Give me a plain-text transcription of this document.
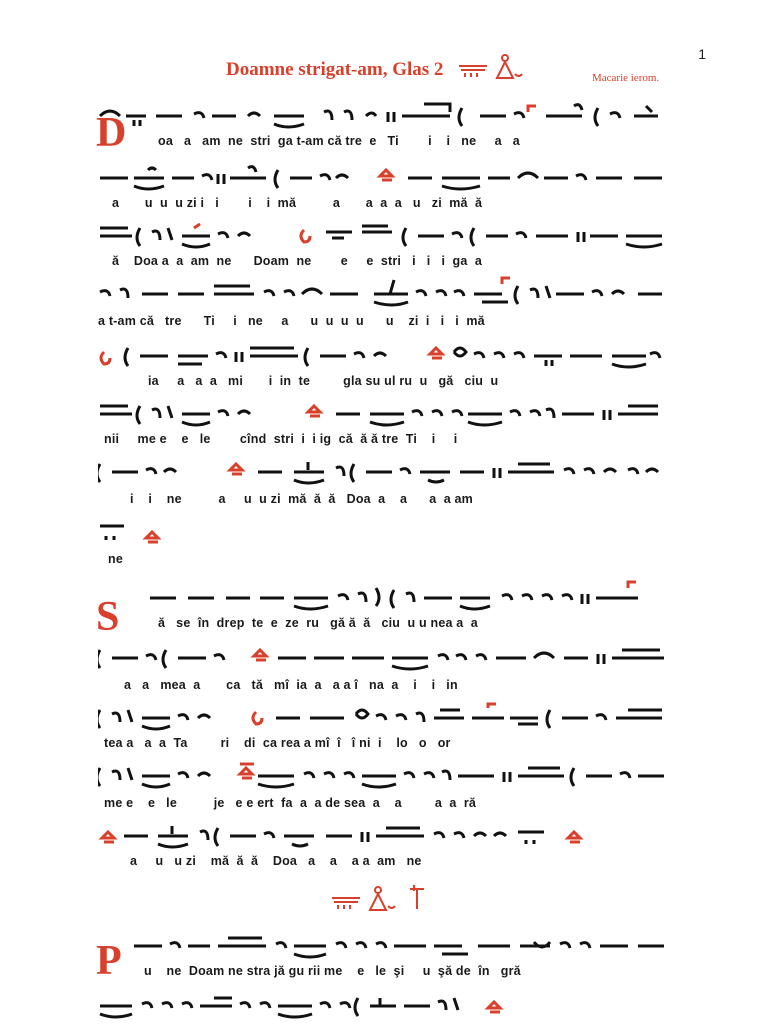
1
Doamne strigat-am, Glas 2	Macarie ierom.
D	oa   a   am  ne  stri  ga t-am că tre  e   Ti        i    i   ne     a   a
a       u  u  u zi i   i        i    i  mă          a       a  a  a   u   zi  mă  ă
ă    Doa a  a  am  ne      Doam  ne        e     e  stri   i   i   i  ga  a
a t-am că   tre      Ti     i   ne     a      u  u  u  u      u    zi  i   i   i  mă
ia     a   a  a   mi       i  in  te         gla su ul ru  u   gă   ciu  u
nii     me e    e   le        cînd  stri  i  i ig  că  ă ă tre  Ti    i     i
i    i    ne          a     u  u zi  mă  ă  ă   Doa  a    a      a  a am
ne
S	ă   se  în  drep  te  e  ze  ru   gă ă  ă   ciu  u u nea a  a
a   a   mea  a       ca   tă   mî  ia  a   a a î   na  a    i    i   in
tea a   a  a  Ta         ri    di  ca rea a mî  î   î ni  i    lo   o   or
me e    e   le          je   e e ert  fa  a  a de sea  a    a         a  a  ră
a     u   u zi    mă  ă  ă    Doa   a    a    a a  am   ne
P u    ne  Doam ne stra jă gu rii me    e   le  şi     u  şă de  în   gră
